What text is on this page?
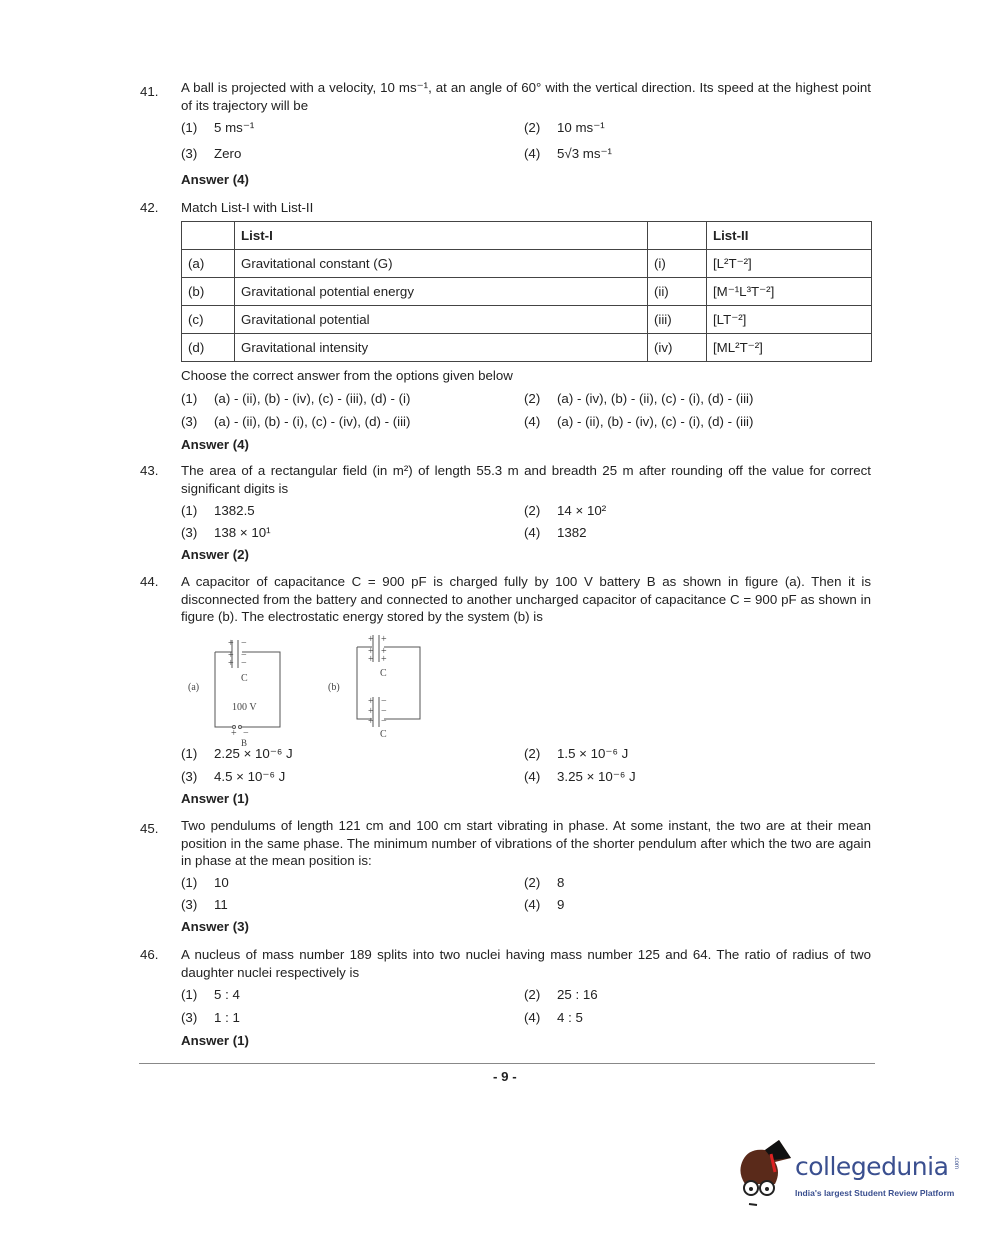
41. A ball is projected with a velocity, 10 ms⁻¹, at an angle of 60° with the vertical direction. Its speed at the highest point of its trajectory will be
(1) 5 ms⁻¹	(2) 10 ms⁻¹
(3) Zero	(4) 5√3 ms⁻¹
Answer (4)
42. Match List-I with List-II
	List-I		List-II
(a)	Gravitational constant (G)	(i)	[L²T⁻²]
(b)	Gravitational potential energy	(ii)	[M⁻¹L³T⁻²]
(c)	Gravitational potential	(iii)	[LT⁻²]
(d)	Gravitational intensity	(iv)	[ML²T⁻²]
Choose the correct answer from the options given below
(1) (a) - (ii), (b) - (iv), (c) - (iii), (d) - (i)	(2) (a) - (iv), (b) - (ii), (c) - (i), (d) - (iii)
(3) (a) - (ii), (b) - (i), (c) - (iv), (d) - (iii)	(4) (a) - (ii), (b) - (iv), (c) - (i), (d) - (iii)
Answer (4)
43. The area of a rectangular field (in m²) of length 55.3 m and breadth 25 m after rounding off the value for correct significant digits is
(1) 1382.5	(2) 14 × 10²
(3) 138 × 10¹	(4) 1382
Answer (2)
44. A capacitor of capacitance C = 900 pF is charged fully by 100 V battery B as shown in figure (a). Then it is disconnected from the battery and connected to another uncharged capacitor of capacitance C = 900 pF as shown in figure (b). The electrostatic energy stored by the system (b) is
+
+
+
−
−
−
+
+
+
+
+
+
+
+
+
−
−
−
+ −
(a)
C
100 V
B
(b)
C
C
(1) 2.25 × 10⁻⁶ J	(2) 1.5 × 10⁻⁶ J
(3) 4.5 × 10⁻⁶ J	(4) 3.25 × 10⁻⁶ J
Answer (1)
45. Two pendulums of length 121 cm and 100 cm start vibrating in phase. At some instant, the two are at their mean position in the same phase. The minimum number of vibrations of the shorter pendulum after which the two are again in phase at the mean position is:
(1) 10	(2) 8
(3) 11	(4) 9
Answer (3)
46. A nucleus of mass number 189 splits into two nuclei having mass number 125 and 64. The ratio of radius of two daughter nuclei respectively is
(1) 5 : 4	(2) 25 : 16
(3) 1 : 1	(4) 4 : 5
Answer (1)
- 9 -
collegedunia .com
India's largest Student Review Platform
